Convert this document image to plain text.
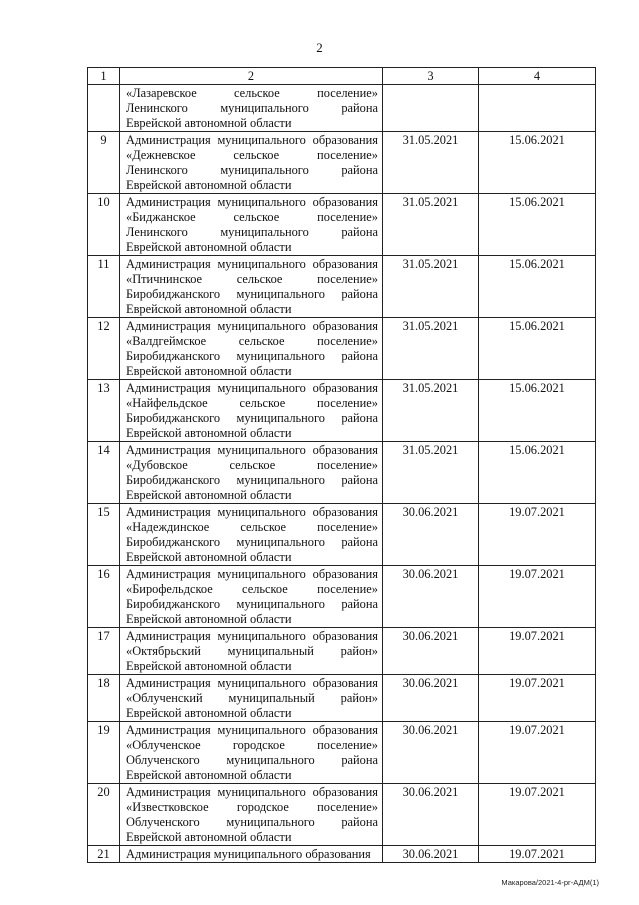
2
1	2	3	4

	«Лазаревское сельское поселение»
Ленинского муниципального района
Еврейской автономной области		

9	Администрация муниципального образования
«Дежневское сельское поселение»
Ленинского муниципального района
Еврейской автономной области	31.05.2021	15.06.2021
10	Администрация муниципального образования
«Биджанское сельское поселение»
Ленинского муниципального района
Еврейской автономной области	31.05.2021	15.06.2021
11	Администрация муниципального образования
«Птичнинское сельское поселение»
Биробиджанского муниципального района
Еврейской автономной области	31.05.2021	15.06.2021
12	Администрация муниципального образования
«Валдгеймское сельское поселение»
Биробиджанского муниципального района
Еврейской автономной области	31.05.2021	15.06.2021
13	Администрация муниципального образования
«Найфельдское сельское поселение»
Биробиджанского муниципального района
Еврейской автономной области	31.05.2021	15.06.2021
14	Администрация муниципального образования
«Дубовское сельское поселение»
Биробиджанского муниципального района
Еврейской автономной области	31.05.2021	15.06.2021
15	Администрация муниципального образования
«Надеждинское сельское поселение»
Биробиджанского муниципального района
Еврейской автономной области	30.06.2021	19.07.2021
16	Администрация муниципального образования
«Бирофельдское сельское поселение»
Биробиджанского муниципального района
Еврейской автономной области	30.06.2021	19.07.2021
17	Администрация муниципального образования
«Октябрьский муниципальный район»
Еврейской автономной области	30.06.2021	19.07.2021
18	Администрация муниципального образования
«Облученский муниципальный район»
Еврейской автономной области	30.06.2021	19.07.2021
19	Администрация муниципального образования
«Облученское городское поселение»
Облученского муниципального района
Еврейской автономной области	30.06.2021	19.07.2021
20	Администрация муниципального образования
«Известковское городское поселение»
Облученского муниципального района
Еврейской автономной области	30.06.2021	19.07.2021
21	Администрация муниципального образования	30.06.2021	19.07.2021
Макарова/2021-4-рг-АДМ(1)
